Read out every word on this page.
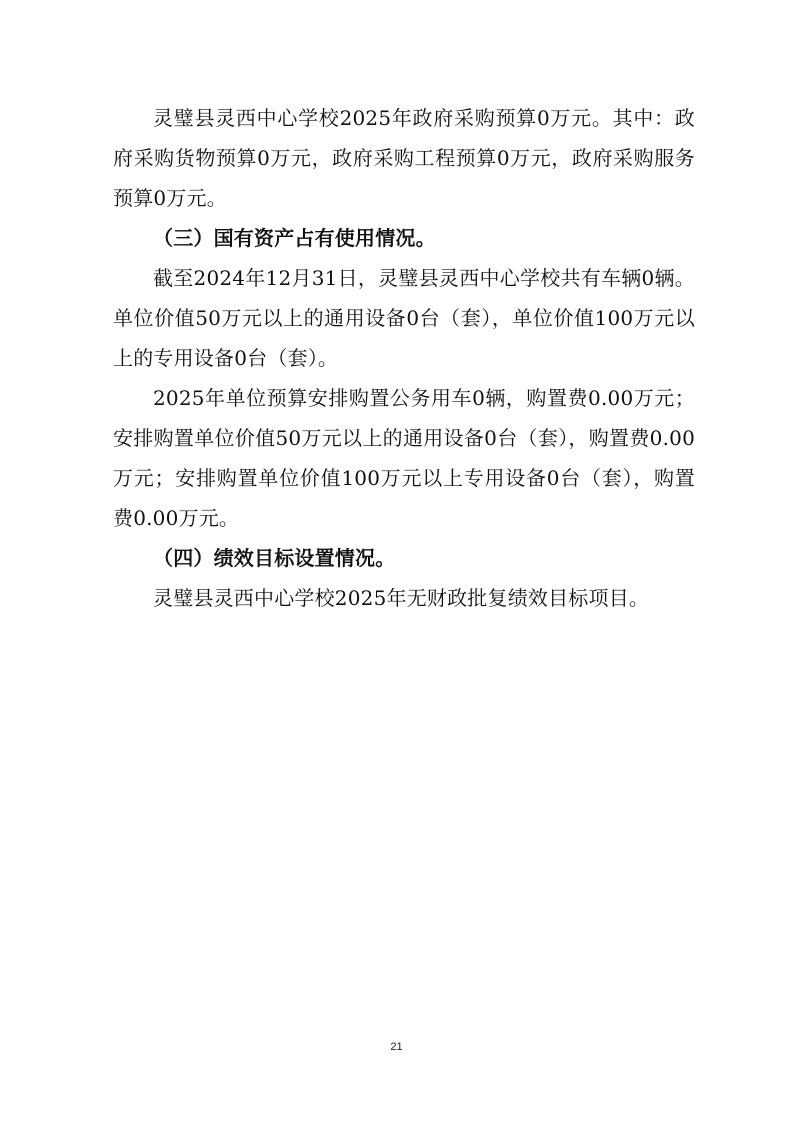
灵璧县灵西中心学校2025年政府采购预算0万元。其中：政府采购货物预算0万元，政府采购工程预算0万元，政府采购服务预算0万元。

（三）国有资产占有使用情况。

截至2024年12月31日，灵璧县灵西中心学校共有车辆0辆。单位价值50万元以上的通用设备0台（套），单位价值100万元以上的专用设备0台（套）。

2025年单位预算安排购置公务用车0辆，购置费0.00万元；安排购置单位价值50万元以上的通用设备0台（套），购置费0.00万元；安排购置单位价值100万元以上专用设备0台（套），购置费0.00万元。

（四）绩效目标设置情况。

灵璧县灵西中心学校2025年无财政批复绩效目标项目。

21
